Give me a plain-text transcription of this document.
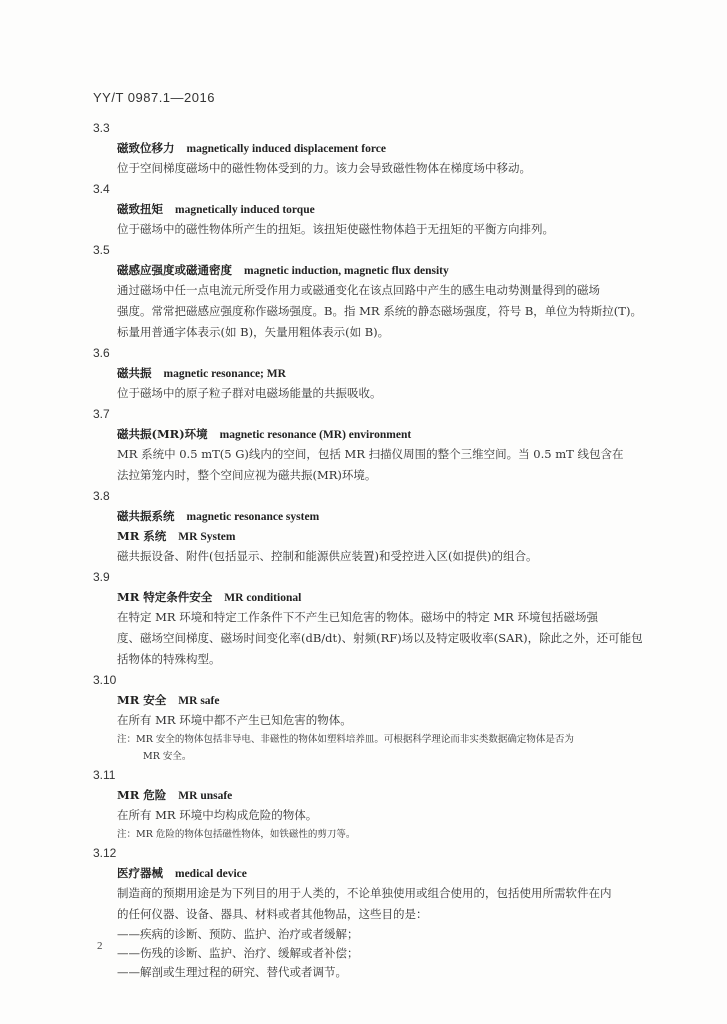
YY/T 0987.1—2016
3.3
磁致位移力 magnetically induced displacement force
位于空间梯度磁场中的磁性物体受到的力。该力会导致磁性物体在梯度场中移动。
3.4
磁致扭矩 magnetically induced torque
位于磁场中的磁性物体所产生的扭矩。该扭矩使磁性物体趋于无扭矩的平衡方向排列。
3.5
磁感应强度或磁通密度 magnetic induction, magnetic flux density
通过磁场中任一点电流元所受作用力或磁通变化在该点回路中产生的感生电动势测量得到的磁场
强度。常常把磁感应强度称作磁场强度。B。指 MR 系统的静态磁场强度，符号 B，单位为特斯拉(T)。
标量用普通字体表示(如 B)，矢量用粗体表示(如 B)。
3.6
磁共振 magnetic resonance; MR
位于磁场中的原子粒子群对电磁场能量的共振吸收。
3.7
磁共振(MR)环境 magnetic resonance (MR) environment
MR 系统中 0.5 mT(5 G)线内的空间，包括 MR 扫描仪周围的整个三维空间。当 0.5 mT 线包含在
法拉第笼内时，整个空间应视为磁共振(MR)环境。
3.8
磁共振系统 magnetic resonance system
MR 系统 MR System
磁共振设备、附件(包括显示、控制和能源供应装置)和受控进入区(如提供)的组合。
3.9
MR 特定条件安全 MR conditional
在特定 MR 环境和特定工作条件下不产生已知危害的物体。磁场中的特定 MR 环境包括磁场强
度、磁场空间梯度、磁场时间变化率(dB/dt)、射频(RF)场以及特定吸收率(SAR)，除此之外，还可能包
括物体的特殊构型。
3.10
MR 安全 MR safe
在所有 MR 环境中都不产生已知危害的物体。
注：MR 安全的物体包括非导电、非磁性的物体如塑料培养皿。可根据科学理论而非实类数据确定物体是否为
MR 安全。
3.11
MR 危险 MR unsafe
在所有 MR 环境中均构成危险的物体。
注：MR 危险的物体包括磁性物体，如铁磁性的剪刀等。
3.12
医疗器械 medical device
制造商的预期用途是为下列目的用于人类的，不论单独使用或组合使用的，包括使用所需软件在内
的任何仪器、设备、器具、材料或者其他物品，这些目的是：
——疾病的诊断、预防、监护、治疗或者缓解；
——伤残的诊断、监护、治疗、缓解或者补偿；
——解剖或生理过程的研究、替代或者调节。
2
